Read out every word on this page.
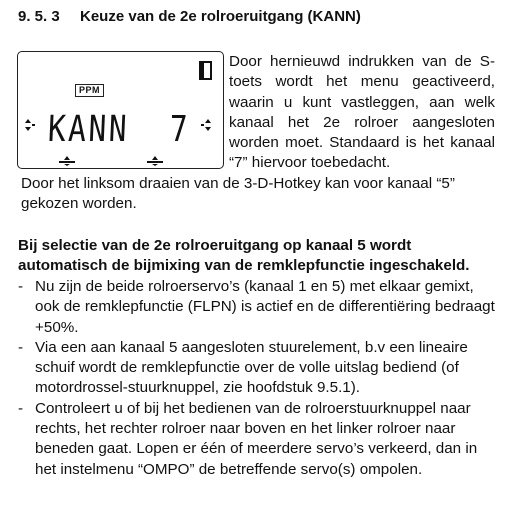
9. 5. 3 Keuze van de 2e rolroeruitgang (KANN)
PPM
KANN 7

Door hernieuwd indrukken van de S-toets wordt het menu geactiveerd, waarin u kunt vastleggen, aan welk kanaal het 2e rolroer aangesloten worden moet. Standaard is het kanaal “7” hiervoor toebedacht.

Door het linksom draaien van de 3-D-Hotkey kan voor kanaal “5” gekozen worden.

Bij selectie van de 2e rolroeruitgang op kanaal 5 wordt automatisch de bijmixing van de remklepfunctie ingeschakeld.

- Nu zijn de beide rolroerservo’s (kanaal 1 en 5) met elkaar gemixt, ook de remklepfunctie (FLPN) is actief en de differentiëring bedraagt +50%.
- Via een aan kanaal 5 aangesloten stuurelement, b.v een lineaire schuif wordt de remklepfunctie over de volle uitslag bediend (of motordrossel-stuurknuppel, zie hoofdstuk 9.5.1).
- Controleert u of bij het bedienen van de rolroerstuurknuppel naar rechts, het rechter rolroer naar boven en het linker rolroer naar beneden gaat. Lopen er één of meerdere servo’s verkeerd, dan in het instelmenu “OMPO” de betreffende servo(s) ompolen.
